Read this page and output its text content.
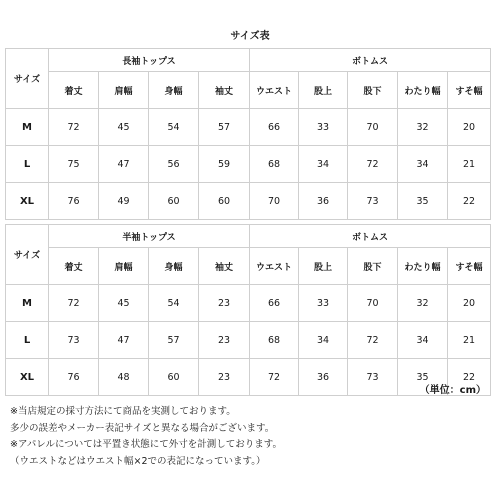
サイズ表
サイズ	長袖トップス				ボトムス				
	着丈	肩幅	身幅	袖丈	ウエスト	股上	股下	わたり幅	すそ幅
M	72	45	54	57	66	33	70	32	20
L	75	47	56	59	68	34	72	34	21
XL	76	49	60	60	70	36	73	35	22
サイズ	半袖トップス				ボトムス				
	着丈	肩幅	身幅	袖丈	ウエスト	股上	股下	わたり幅	すそ幅
M	72	45	54	23	66	33	70	32	20
L	73	47	57	23	68	34	72	34	21
XL	76	48	60	23	72	36	73	35	22
（単位：cm）
※当店規定の採寸方法にて商品を実測しております。
多少の誤差やメーカー表記サイズと異なる場合がございます。
※アパレルについては平置き状態にて外寸を計測しております。
（ウエストなどはウエスト幅×2での表記になっています。）
